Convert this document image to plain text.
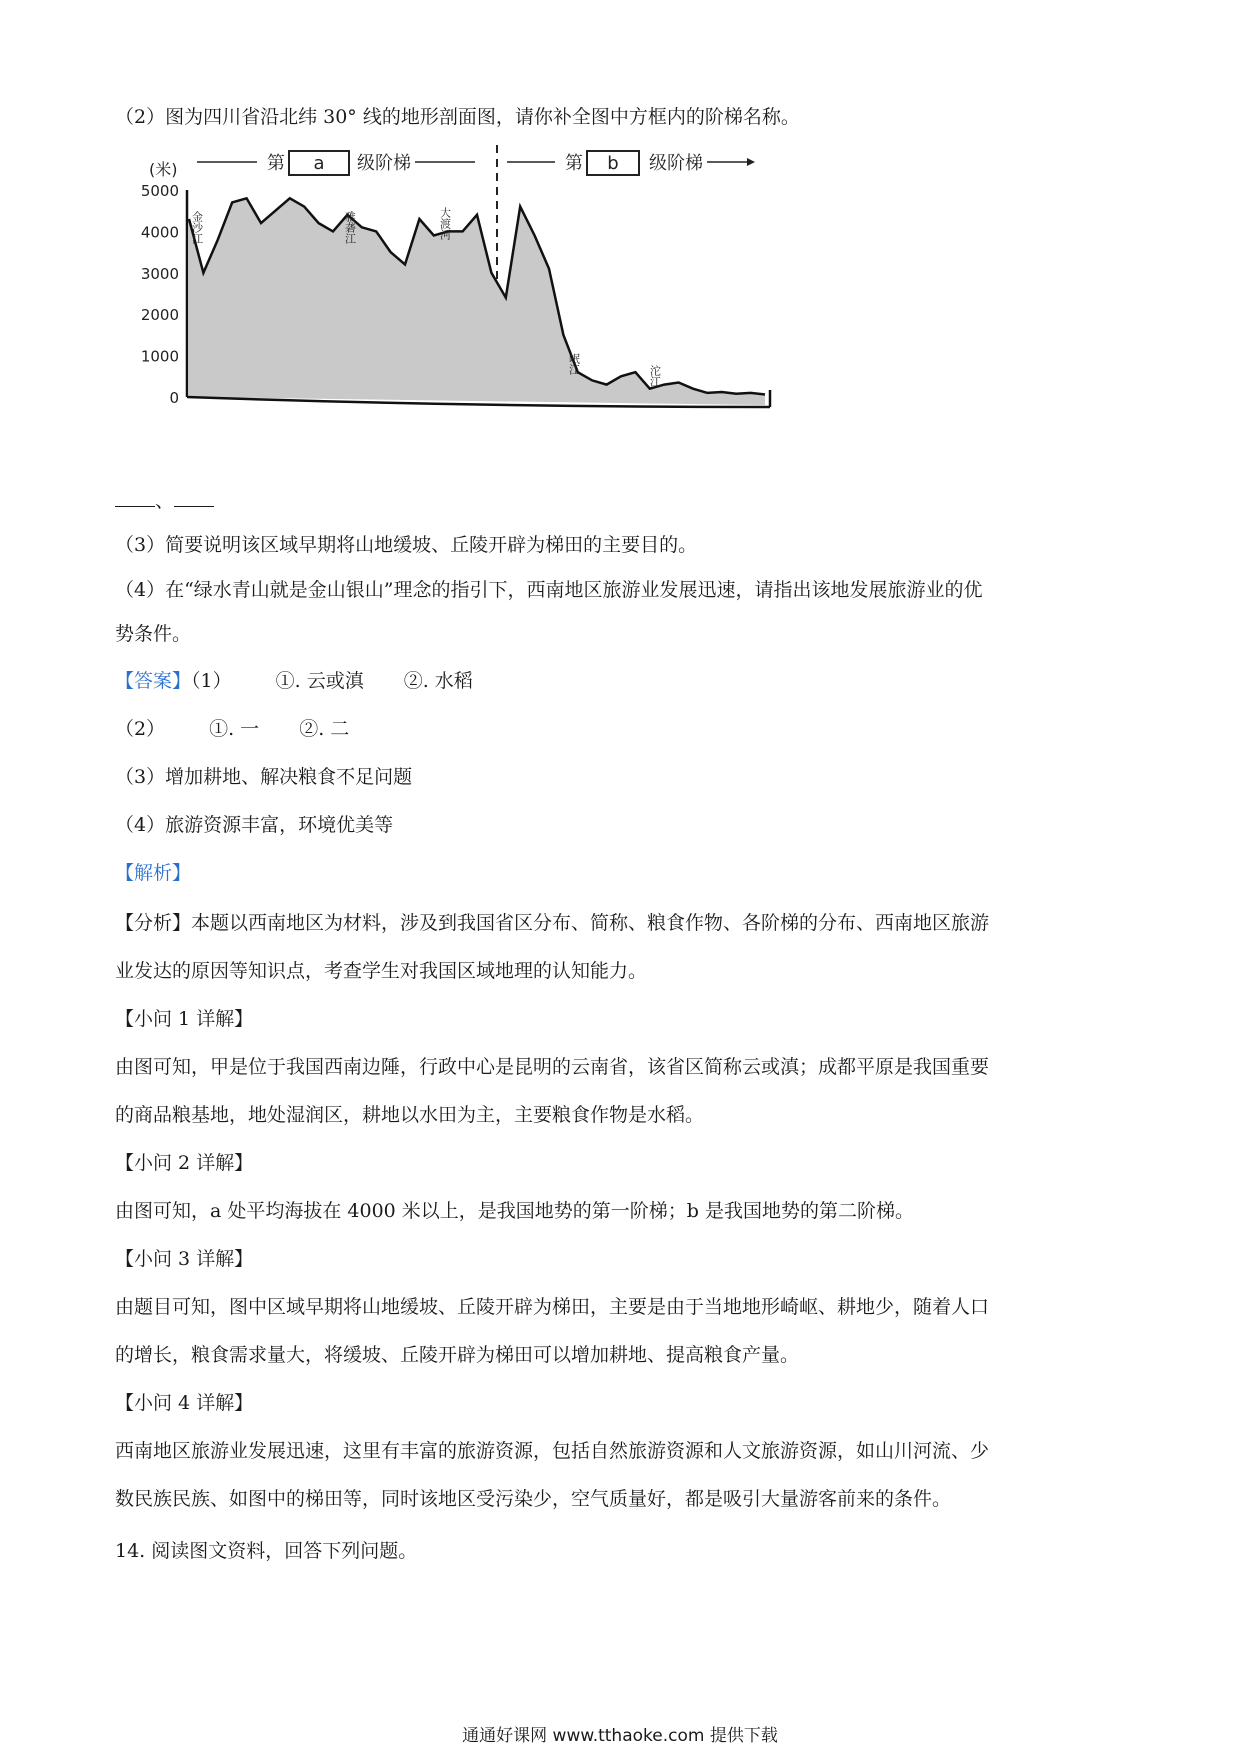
（2）图为四川省沿北纬 30° 线的地形剖面图，请你补全图中方框内的阶梯名称。
第 a 级阶梯	第 b 级阶梯
(米)
5000
4000
3000
2000
1000
0
金沙江	雅砻江	大渡河
岷江
沱江
、
（3）简要说明该区域早期将山地缓坡、丘陵开辟为梯田的主要目的。
（4）在“绿水青山就是金山银山”理念的指引下，西南地区旅游业发展迅速，请指出该地发展旅游业的优
势条件。
【答案】（1） ①. 云或滇 ②. 水稻
（2） ①. 一 ②. 二
（3）增加耕地、解决粮食不足问题
（4）旅游资源丰富，环境优美等
【解析】
【分析】本题以西南地区为材料，涉及到我国省区分布、简称、粮食作物、各阶梯的分布、西南地区旅游
业发达的原因等知识点，考查学生对我国区域地理的认知能力。
【小问 1 详解】
由图可知，甲是位于我国西南边陲，行政中心是昆明的云南省，该省区简称云或滇；成都平原是我国重要
的商品粮基地，地处湿润区，耕地以水田为主，主要粮食作物是水稻。
【小问 2 详解】
由图可知，a 处平均海拔在 4000 米以上，是我国地势的第一阶梯；b 是我国地势的第二阶梯。
【小问 3 详解】
由题目可知，图中区域早期将山地缓坡、丘陵开辟为梯田，主要是由于当地地形崎岖、耕地少，随着人口
的增长，粮食需求量大，将缓坡、丘陵开辟为梯田可以增加耕地、提高粮食产量。
【小问 4 详解】
西南地区旅游业发展迅速，这里有丰富的旅游资源，包括自然旅游资源和人文旅游资源，如山川河流、少
数民族民族、如图中的梯田等，同时该地区受污染少，空气质量好，都是吸引大量游客前来的条件。
14. 阅读图文资料，回答下列问题。
通通好课网 www.tthaoke.com 提供下载
